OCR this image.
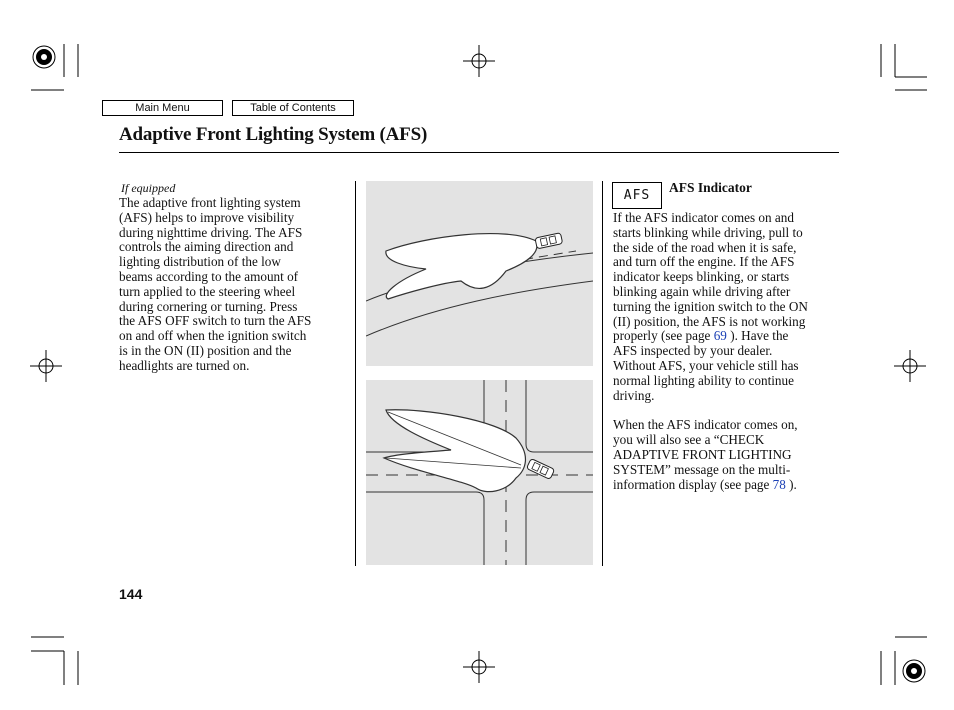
Main Menu	Table of Contents
Adaptive Front Lighting System (AFS)
If equipped

The adaptive front lighting system

(AFS) helps to improve visibility

during nighttime driving. The AFS

controls the aiming direction and

lighting distribution of the low

beams according to the amount of

turn applied to the steering wheel

during cornering or turning. Press

the AFS OFF switch to turn the AFS

on and off when the ignition switch

is in the ON (II) position and the

headlights are turned on.

AFS
AFS Indicator

If the AFS indicator comes on and

starts blinking while driving, pull to

the side of the road when it is safe,

and turn off the engine. If the AFS

indicator keeps blinking, or starts

blinking again while driving after

turning the ignition switch to the ON

(II) position, the AFS is not working

properly (see page 69 ). Have the

AFS inspected by your dealer.

Without AFS, your vehicle still has

normal lighting ability to continue

driving.

When the AFS indicator comes on,

you will also see a “CHECK

ADAPTIVE FRONT LIGHTING

SYSTEM” message on the multi-

information display (see page 78 ).

144
